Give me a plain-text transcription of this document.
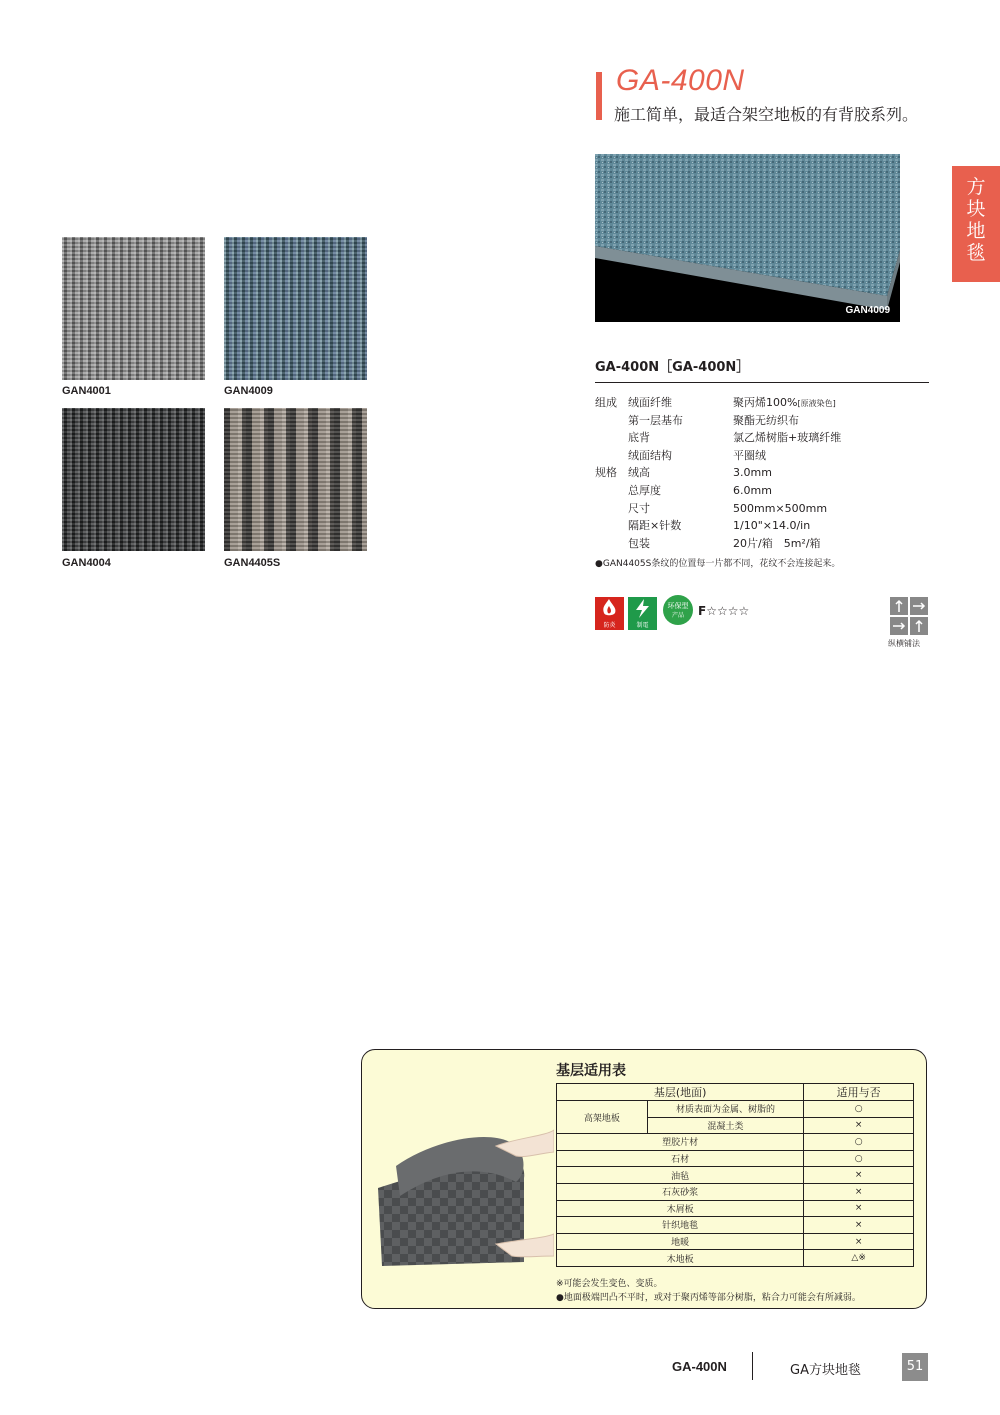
GA-400N
施工简单，最适合架空地板的有背胶系列。
方
块
地
毯
GAN4001	GAN4009
GAN4004	GAN4405S
GAN4009
GA-400N［GA-400N］
组成 绒面纤维	聚丙烯100%[原液染色]
第一层基布	聚酯无纺织布
底背	氯乙烯树脂+玻璃纤维
绒面结构	平圈绒
规格 绒高	3.0mm
总厚度	6.0mm
尺寸	500mm×500mm
隔距×针数	1/10"×14.0/in
包装	20片/箱　5m²/箱
●GAN4405S条纹的位置每一片都不同，花纹不会连接起来。
防炎	制電
环保型
产品	F☆☆☆☆
纵横铺法
基层适用表
基层(地面)		适用与否
高架地板	材质表面为金属、树脂的	○
	混凝土类	×
塑胶片材		○
石材		○
油毡		×
石灰砂浆		×
木屑板		×
针织地毯		×
地暖		×
木地板		△※
※可能会发生变色、变质。
●地面极端凹凸不平时，或对于聚丙烯等部分树脂，粘合力可能会有所减弱。
GA-400N	GA方块地毯	51
